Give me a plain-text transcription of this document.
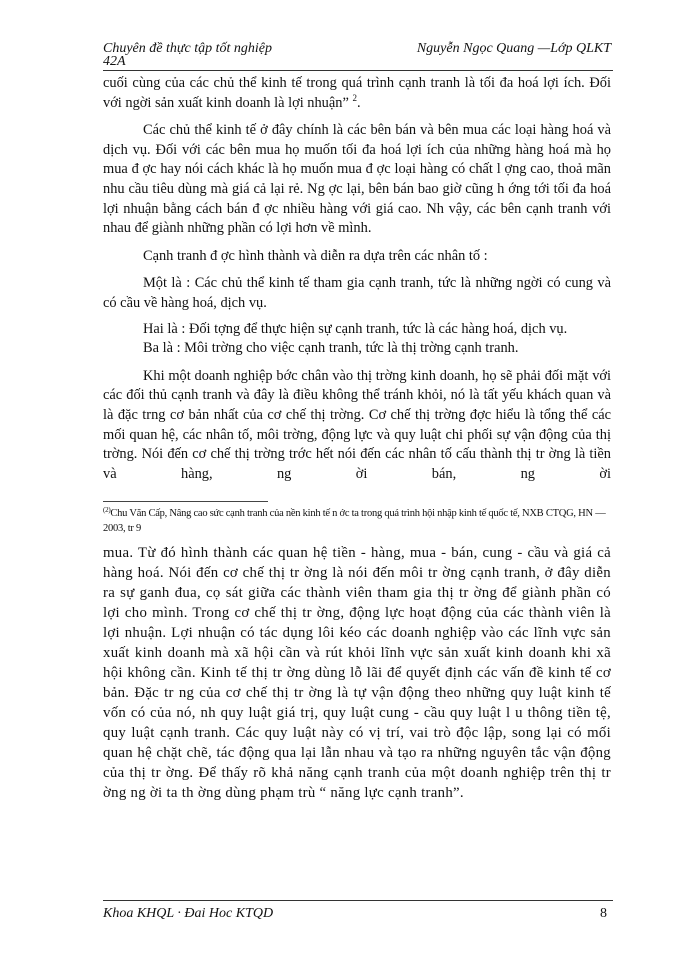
Chuyên đề thực tập tốt nghiệp
42A
Nguyễn Ngọc Quang —Lớp QLKT

cuối cùng của các chủ thể kinh tế trong quá trình cạnh tranh là tối đa hoá lợi ích. Đối với ngời sản xuất kinh doanh là lợi nhuận” $^2$.

Các chủ thể kinh tế ở đây chính là các bên bán và bên mua các loại hàng hoá và dịch vụ. Đối với các bên mua họ muốn tối đa hoá lợi ích của những hàng hoá mà họ mua đ ợc hay nói cách khác là họ muốn mua đ ợc loại hàng có chất l ợng cao, thoả mãn nhu cầu tiêu dùng mà giá cả lại rẻ. Ng ợc lại, bên bán bao giờ cũng h ớng tới tối đa hoá lợi nhuận bằng cách bán đ ợc nhiều hàng với giá cao. Nh vậy, các bên cạnh tranh với nhau để giành những phần có lợi hơn về mình.

Cạnh tranh đ ợc hình thành và diễn ra dựa trên các nhân tố :

Một là : Các chủ thể kinh tế tham gia cạnh tranh, tức là những ngời có cung và có cầu về hàng hoá, dịch vụ.

Hai là : Đối tợng để thực hiện sự cạnh tranh, tức là các hàng hoá, dịch vụ.

Ba là : Môi trờng cho việc cạnh tranh, tức là thị trờng cạnh tranh.

Khi một doanh nghiệp bớc chân vào thị trờng kinh doanh, họ sẽ phải đối mặt với các đối thủ cạnh tranh và đây là điều không thể tránh khỏi, nó là tất yếu khách quan và là đặc trng cơ bản nhất của cơ chế thị trờng. Cơ chế thị trờng đợc hiểu là tổng thể các mối quan hệ, các nhân tố, môi trờng, động lực và quy luật chi phối sự vận động của thị trờng. Nói đến cơ chế thị trờng trớc hết nói đến các nhân tố cấu thành thị tr ờng là tiền và hàng, ng ời bán, ng ời

$^{(2)}$Chu Văn Cấp, Nâng cao sức cạnh tranh của nền kinh tế n ớc ta trong quá trình hội nhập kinh tế quốc tế, NXB CTQG, HN — 2003, tr 9

mua. Từ đó hình thành các quan hệ tiền - hàng, mua - bán, cung - cầu và giá cả hàng hoá. Nói đến cơ chế thị tr ờng là nói đến môi tr ờng cạnh tranh, ở đây diễn ra sự ganh đua, cọ sát giữa các thành viên tham gia thị tr ờng để giành phần có lợi cho mình. Trong cơ chế thị tr ờng, động lực hoạt động của các thành viên là lợi nhuận. Lợi nhuận có tác dụng lôi kéo các doanh nghiệp vào các lĩnh vực sản xuất kinh doanh mà xã hội cần và rút khỏi lĩnh vực sản xuất kinh doanh khi xã hội không cần. Kinh tế thị tr ờng dùng lỗ lãi để quyết định các vấn đề kinh tế cơ bản. Đặc tr ng của cơ chế thị tr ờng là tự vận động theo những quy luật kinh tế vốn có của nó, nh quy luật giá trị, quy luật cung - cầu quy luật l u thông tiền tệ, quy luật cạnh tranh. Các quy luật này có vị trí, vai trò độc lập, song lại có mối quan hệ chặt chẽ, tác động qua lại lẫn nhau và tạo ra những nguyên tắc vận động của thị tr ờng. Để thấy rõ khả năng cạnh tranh của một doanh nghiệp trên thị tr ờng ng ời ta th ờng dùng phạm trù “ năng lực cạnh tranh”.

Khoa KHQL · Đai Hoc KTQD	8
